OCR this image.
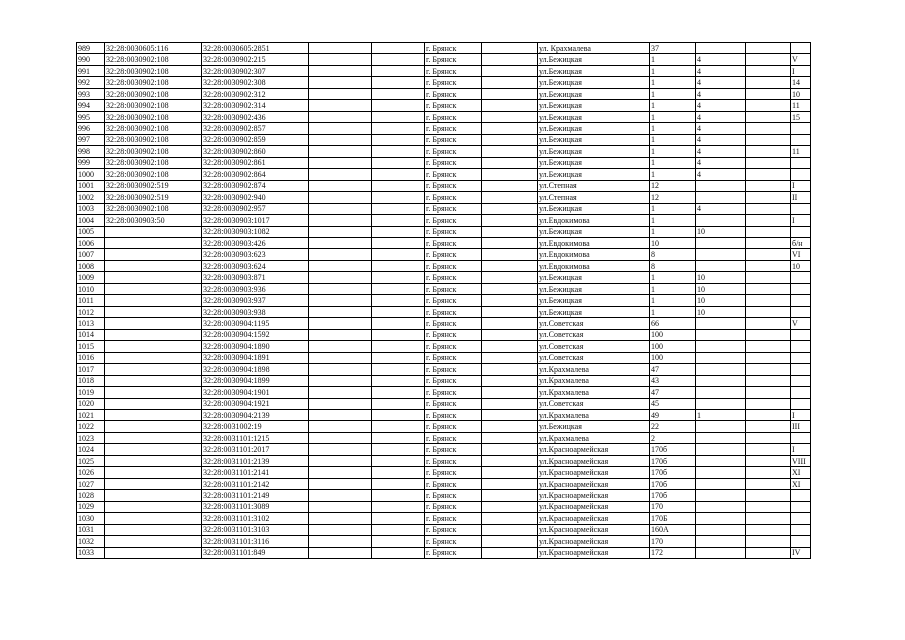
989	32:28:0030605:116	32:28:0030605:2851			г. Брянск		ул. Крахмалева	37			
990	32:28:0030902:108	32:28:0030902:215			г. Брянск		ул.Бежицкая	1	4		V
991	32:28:0030902:108	32:28:0030902:307			г. Брянск		ул.Бежицкая	1	4		I
992	32:28:0030902:108	32:28:0030902:308			г. Брянск		ул.Бежицкая	1	4		14
993	32:28:0030902:108	32:28:0030902:312			г. Брянск		ул.Бежицкая	1	4		10
994	32:28:0030902:108	32:28:0030902:314			г. Брянск		ул.Бежицкая	1	4		11
995	32:28:0030902:108	32:28:0030902:436			г. Брянск		ул.Бежицкая	1	4		15
996	32:28:0030902:108	32:28:0030902:857			г. Брянск		ул.Бежицкая	1	4		
997	32:28:0030902:108	32:28:0030902:859			г. Брянск		ул.Бежицкая	1	4		
998	32:28:0030902:108	32:28:0030902:860			г. Брянск		ул.Бежицкая	1	4		11
999	32:28:0030902:108	32:28:0030902:861			г. Брянск		ул.Бежицкая	1	4		
1000	32:28:0030902:108	32:28:0030902:864			г. Брянск		ул.Бежицкая	1	4		
1001	32:28:0030902:519	32:28:0030902:874			г. Брянск		ул.Степная	12			I
1002	32:28:0030902:519	32:28:0030902:940			г. Брянск		ул.Степная	12			II
1003	32:28:0030902:108	32:28:0030902:957			г. Брянск		ул.Бежицкая	1	4		
1004	32:28:0030903:50	32:28:0030903:1017			г. Брянск		ул.Евдокимова	1			I
1005		32:28:0030903:1082			г. Брянск		ул.Бежицкая	1	10		
1006		32:28:0030903:426			г. Брянск		ул.Евдокимова	10			б/н
1007		32:28:0030903:623			г. Брянск		ул.Евдокимова	8			VI
1008		32:28:0030903:624			г. Брянск		ул.Евдокимова	8			10
1009		32:28:0030903:871			г. Брянск		ул.Бежицкая	1	10		
1010		32:28:0030903:936			г. Брянск		ул.Бежицкая	1	10		
1011		32:28:0030903:937			г. Брянск		ул.Бежицкая	1	10		
1012		32:28:0030903:938			г. Брянск		ул.Бежицкая	1	10		
1013		32:28:0030904:1195			г. Брянск		ул.Советская	66			V
1014		32:28:0030904:1592			г. Брянск		ул.Советская	100			
1015		32:28:0030904:1890			г. Брянск		ул.Советская	100			
1016		32:28:0030904:1891			г. Брянск		ул.Советская	100			
1017		32:28:0030904:1898			г. Брянск		ул.Крахмалева	47			
1018		32:28:0030904:1899			г. Брянск		ул.Крахмалева	43			
1019		32:28:0030904:1901			г. Брянск		ул.Крахмалева	47			
1020		32:28:0030904:1921			г. Брянск		ул.Советская	45			
1021		32:28:0030904:2139			г. Брянск		ул.Крахмалева	49	1		I
1022		32:28:0031002:19			г. Брянск		ул.Бежицкая	22			III
1023		32:28:0031101:1215			г. Брянск		ул.Крахмалева	2			
1024		32:28:0031101:2017			г. Брянск		ул.Красноармейская	170б			I
1025		32:28:0031101:2139			г. Брянск		ул.Красноармейская	170б			VIII
1026		32:28:0031101:2141			г. Брянск		ул.Красноармейская	170б			XI
1027		32:28:0031101:2142			г. Брянск		ул.Красноармейская	170б			XI
1028		32:28:0031101:2149			г. Брянск		ул.Красноармейская	170б			
1029		32:28:0031101:3089			г. Брянск		ул.Красноармейская	170			
1030		32:28:0031101:3102			г. Брянск		ул.Красноармейская	170Б			
1031		32:28:0031101:3103			г. Брянск		ул.Красноармейская	160А			
1032		32:28:0031101:3116			г. Брянск		ул.Красноармейская	170			
1033		32:28:0031101:849			г. Брянск		ул.Красноармейская	172			IV
